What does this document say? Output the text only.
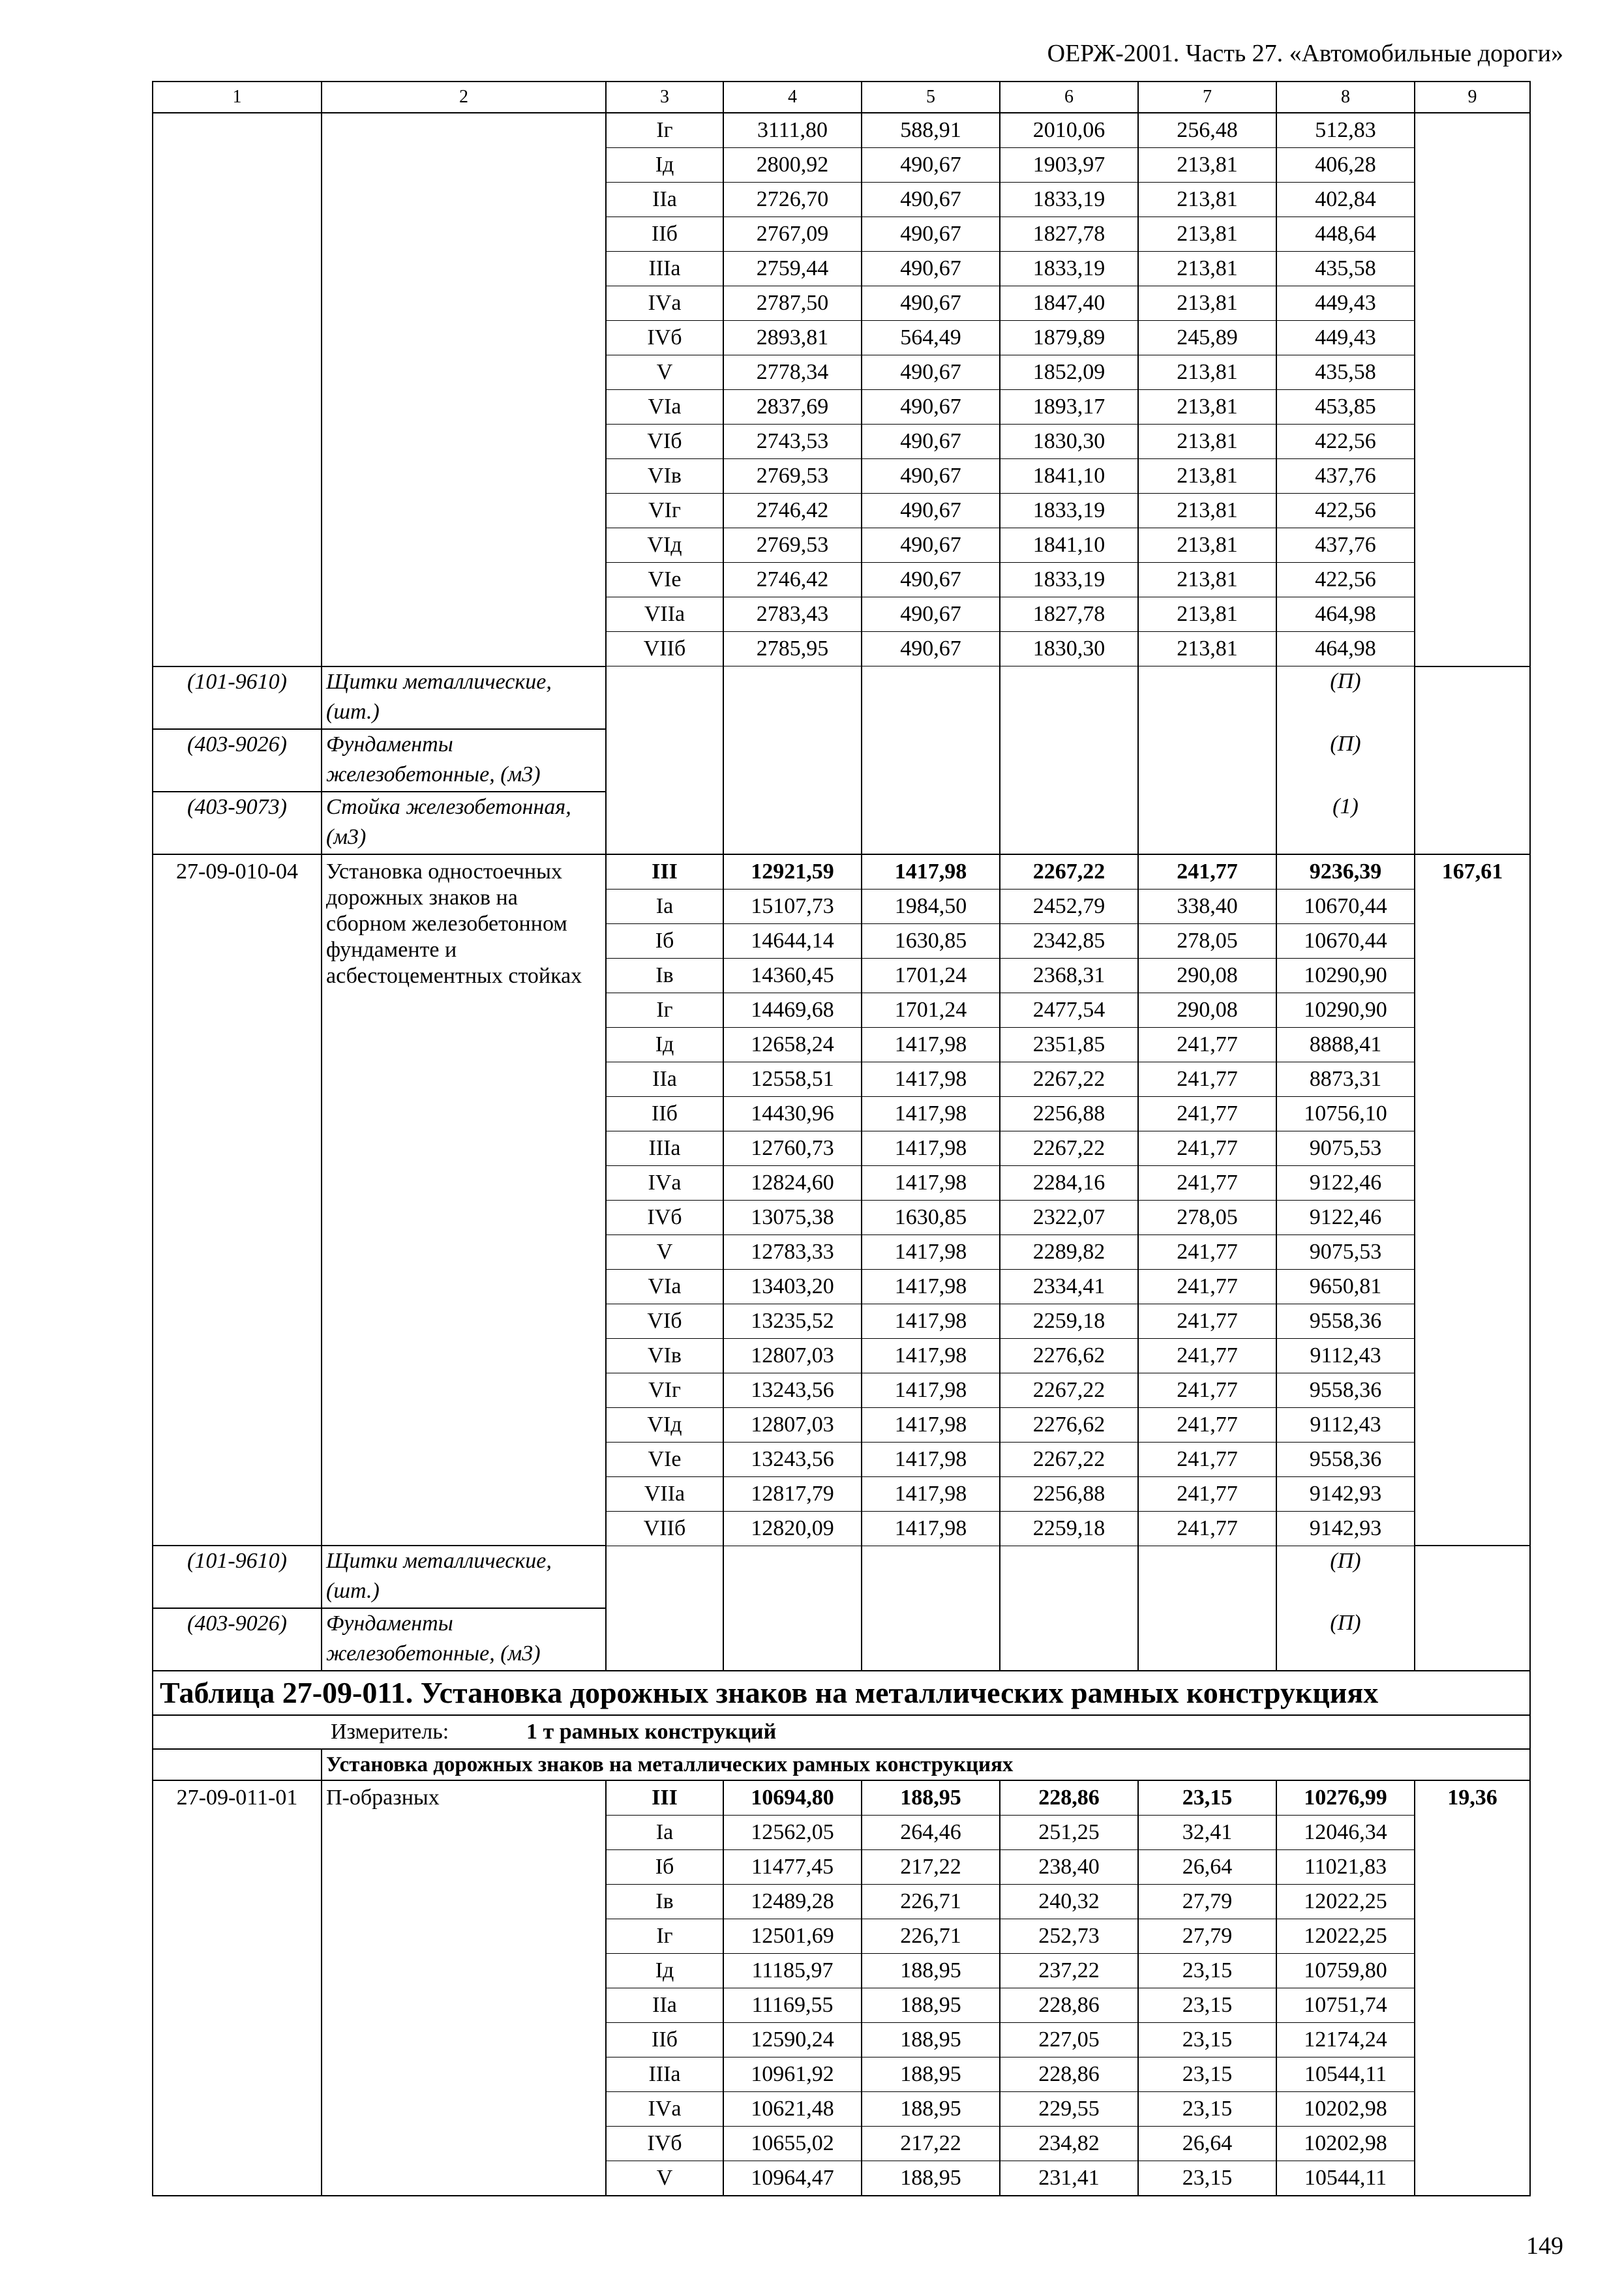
ОЕРЖ-2001. Часть 27. «Автомобильные дороги»
1	2	3	4	5	6	7	8	9
		Iг	3111,80	588,91	2010,06	256,48	512,83	
		Iд	2800,92	490,67	1903,97	213,81	406,28	
		IIа	2726,70	490,67	1833,19	213,81	402,84	
		IIб	2767,09	490,67	1827,78	213,81	448,64	
		IIIа	2759,44	490,67	1833,19	213,81	435,58	
		IVа	2787,50	490,67	1847,40	213,81	449,43	
		IVб	2893,81	564,49	1879,89	245,89	449,43	
		V	2778,34	490,67	1852,09	213,81	435,58	
		VIа	2837,69	490,67	1893,17	213,81	453,85	
		VIб	2743,53	490,67	1830,30	213,81	422,56	
		VIв	2769,53	490,67	1841,10	213,81	437,76	
		VIг	2746,42	490,67	1833,19	213,81	422,56	
		VIд	2769,53	490,67	1841,10	213,81	437,76	
		VIе	2746,42	490,67	1833,19	213,81	422,56	
		VIIа	2783,43	490,67	1827,78	213,81	464,98	
		VIIб	2785,95	490,67	1830,30	213,81	464,98	
(101-9610)	Щитки металлические, (шт.)						(П)	
(403-9026)	Фундаменты железобетонные, (м3)						(П)	
(403-9073)	Стойка железобетонная, (м3)						(1)	
27-09-010-04	Установка одностоечных дорожных знаков на сборном железобетонном фундаменте и асбестоцементных стойках	III	12921,59	1417,98	2267,22	241,77	9236,39	167,61
		Iа	15107,73	1984,50	2452,79	338,40	10670,44	
		Iб	14644,14	1630,85	2342,85	278,05	10670,44	
		Iв	14360,45	1701,24	2368,31	290,08	10290,90	
		Iг	14469,68	1701,24	2477,54	290,08	10290,90	
		Iд	12658,24	1417,98	2351,85	241,77	8888,41	
		IIа	12558,51	1417,98	2267,22	241,77	8873,31	
		IIб	14430,96	1417,98	2256,88	241,77	10756,10	
		IIIа	12760,73	1417,98	2267,22	241,77	9075,53	
		IVа	12824,60	1417,98	2284,16	241,77	9122,46	
		IVб	13075,38	1630,85	2322,07	278,05	9122,46	
		V	12783,33	1417,98	2289,82	241,77	9075,53	
		VIа	13403,20	1417,98	2334,41	241,77	9650,81	
		VIб	13235,52	1417,98	2259,18	241,77	9558,36	
		VIв	12807,03	1417,98	2276,62	241,77	9112,43	
		VIг	13243,56	1417,98	2267,22	241,77	9558,36	
		VIд	12807,03	1417,98	2276,62	241,77	9112,43	
		VIе	13243,56	1417,98	2267,22	241,77	9558,36	
		VIIа	12817,79	1417,98	2256,88	241,77	9142,93	
		VIIб	12820,09	1417,98	2259,18	241,77	9142,93	
(101-9610)	Щитки металлические, (шт.)						(П)	
(403-9026)	Фундаменты железобетонные, (м3)						(П)	
Таблица 27-09-011. Установка дорожных знаков на металлических рамных конструкциях								
Измеритель: 1 т рамных конструкций								
	Установка дорожных знаков на металлических рамных конструкциях							
27-09-011-01	П-образных	III	10694,80	188,95	228,86	23,15	10276,99	19,36
		Iа	12562,05	264,46	251,25	32,41	12046,34	
		Iб	11477,45	217,22	238,40	26,64	11021,83	
		Iв	12489,28	226,71	240,32	27,79	12022,25	
		Iг	12501,69	226,71	252,73	27,79	12022,25	
		Iд	11185,97	188,95	237,22	23,15	10759,80	
		IIа	11169,55	188,95	228,86	23,15	10751,74	
		IIб	12590,24	188,95	227,05	23,15	12174,24	
		IIIа	10961,92	188,95	228,86	23,15	10544,11	
		IVа	10621,48	188,95	229,55	23,15	10202,98	
		IVб	10655,02	217,22	234,82	26,64	10202,98	
		V	10964,47	188,95	231,41	23,15	10544,11	
149
